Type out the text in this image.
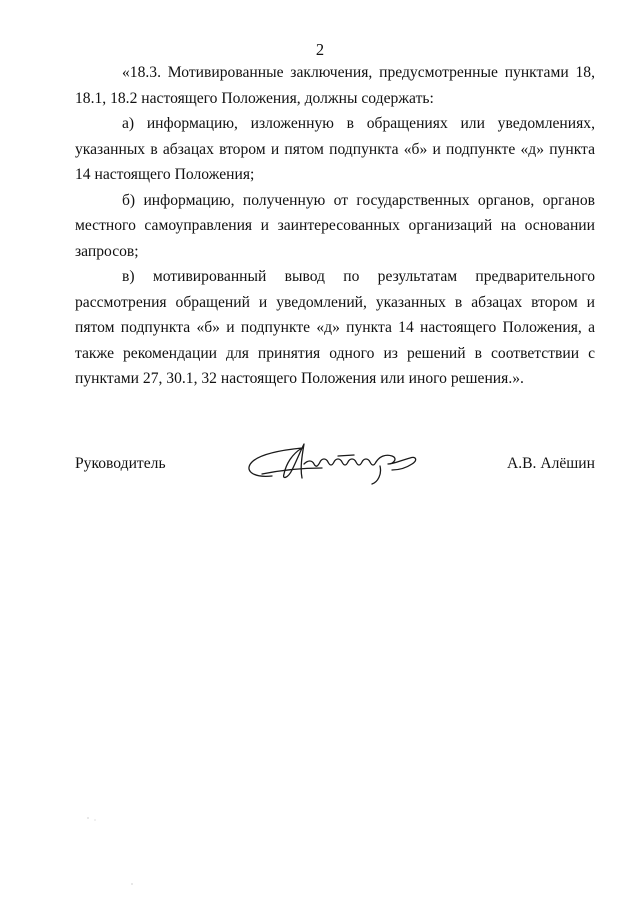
2

«18.3. Мотивированные заключения, предусмотренные пунктами 18, 18.1, 18.2 настоящего Положения, должны содержать:

а) информацию, изложенную в обращениях или уведомлениях, указанных в абзацах втором и пятом подпункта «б» и подпункте «д» пункта 14 настоящего Положения;

б) информацию, полученную от государственных органов, органов местного самоуправления и заинтересованных организаций на основании запросов;

в) мотивированный вывод по результатам предварительного рассмотрения обращений и уведомлений, указанных в абзацах втором и пятом подпункта «б» и подпункте «д» пункта 14 настоящего Положения, а также рекомендации для принятия одного из решений в соответствии с пунктами 27, 30.1, 32 настоящего Положения или иного решения.».

Руководитель	А.В. Алёшин
